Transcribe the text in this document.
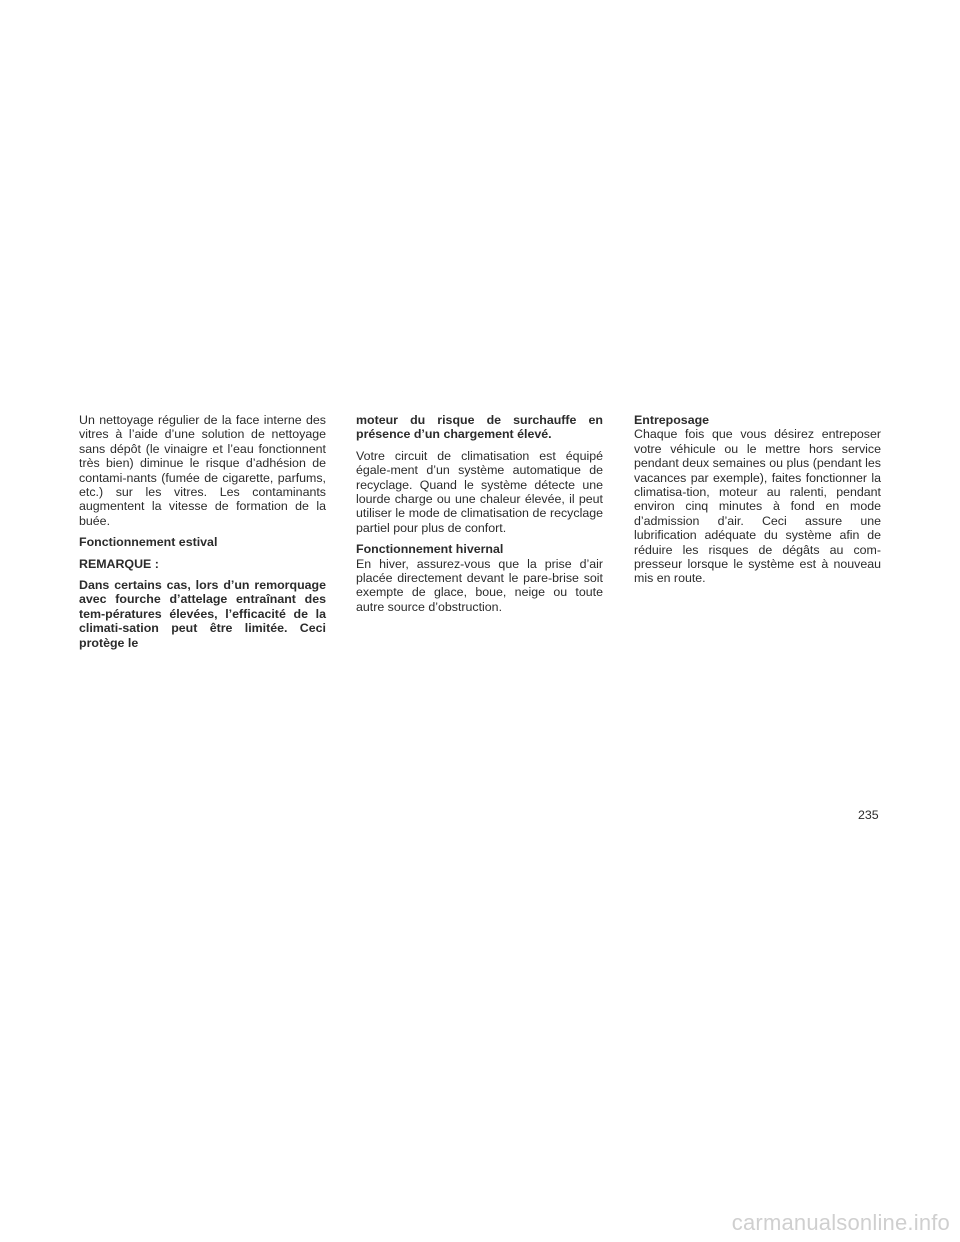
Un nettoyage régulier de la face interne des vitres à l’aide d’une solution de nettoyage sans dépôt (le vinaigre et l’eau fonctionnent très bien) diminue le risque d’adhésion de contami-nants (fumée de cigarette, parfums, etc.) sur les vitres. Les contaminants augmentent la vitesse de formation de la buée.

Fonctionnement estival

REMARQUE :

Dans certains cas, lors d’un remorquage avec fourche d’attelage entraînant des tem-pératures élevées, l’efficacité de la climati-sation peut être limitée. Ceci protège le

moteur du risque de surchauffe en présence d’un chargement élevé.

Votre circuit de climatisation est équipé égale-ment d’un système automatique de recyclage. Quand le système détecte une lourde charge ou une chaleur élevée, il peut utiliser le mode de climatisation de recyclage partiel pour plus de confort.

Fonctionnement hivernal
En hiver, assurez-vous que la prise d’air placée directement devant le pare-brise soit exempte de glace, boue, neige ou toute autre source d’obstruction.
Entreposage
Chaque fois que vous désirez entreposer votre véhicule ou le mettre hors service pendant deux semaines ou plus (pendant les vacances par exemple), faites fonctionner la climatisa-tion, moteur au ralenti, pendant environ cinq minutes à fond en mode d’admission d’air. Ceci assure une lubrification adéquate du système afin de réduire les risques de dégâts au com-presseur lorsque le système est à nouveau mis en route.
235
carmanualsonline.info
